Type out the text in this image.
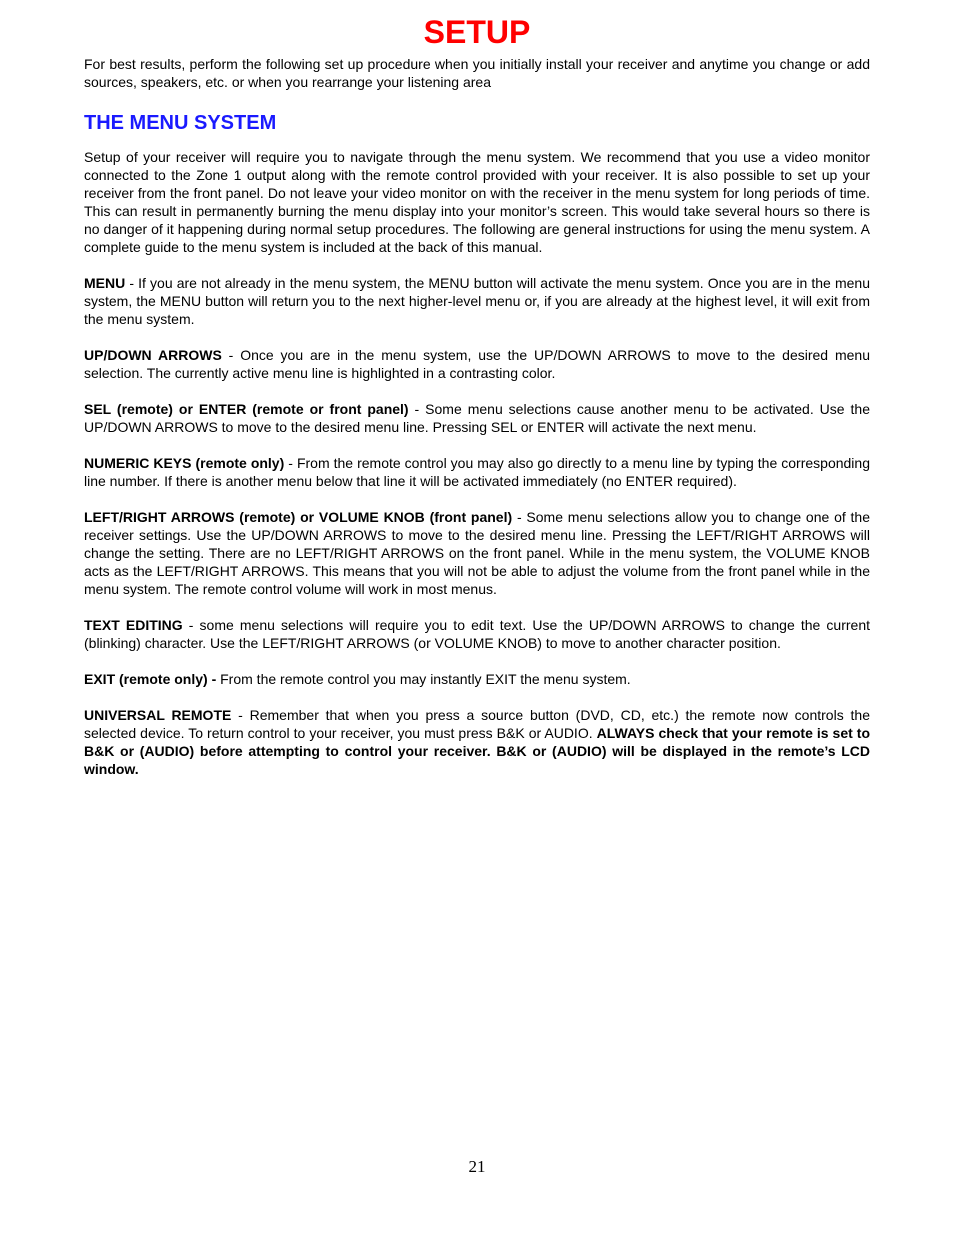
SETUP

For best results, perform the following set up procedure when you initially install your receiver and anytime you change or add sources, speakers, etc. or when you rearrange your listening area

THE MENU SYSTEM

Setup of your receiver will require you to navigate through the menu system. We recommend that you use a video monitor connected to the Zone 1 output along with the remote control provided with your receiver. It is also possible to set up your receiver from the front panel. Do not leave your video monitor on with the receiver in the menu system for long periods of time. This can result in permanently burning the menu display into your monitor’s screen. This would take several hours so there is no danger of it happening during normal setup procedures. The following are general instructions for using the menu system. A complete guide to the menu system is included at the back of this manual.

MENU - If you are not already in the menu system, the MENU button will activate the menu system. Once you are in the menu system, the MENU button will return you to the next higher-level menu or, if you are already at the highest level, it will exit from the menu system.

UP/DOWN ARROWS - Once you are in the menu system, use the UP/DOWN ARROWS to move to the desired menu selection. The currently active menu line is highlighted in a contrasting color.

SEL (remote) or ENTER (remote or front panel) - Some menu selections cause another menu to be activated. Use the UP/DOWN ARROWS to move to the desired menu line. Pressing SEL or ENTER will activate the next menu.

NUMERIC KEYS (remote only) - From the remote control you may also go directly to a menu line by typing the corresponding line number. If there is another menu below that line it will be activated immediately (no ENTER required).

LEFT/RIGHT ARROWS (remote) or VOLUME KNOB (front panel) - Some menu selections allow you to change one of the receiver settings. Use the UP/DOWN ARROWS to move to the desired menu line. Pressing the LEFT/RIGHT ARROWS will change the setting. There are no LEFT/RIGHT ARROWS on the front panel. While in the menu system, the VOLUME KNOB acts as the LEFT/RIGHT ARROWS. This means that you will not be able to adjust the volume from the front panel while in the menu system. The remote control volume will work in most menus.

TEXT EDITING - some menu selections will require you to edit text. Use the UP/DOWN ARROWS to change the current (blinking) character. Use the LEFT/RIGHT ARROWS (or VOLUME KNOB) to move to another character position.

EXIT (remote only) - From the remote control you may instantly EXIT the menu system.

UNIVERSAL REMOTE - Remember that when you press a source button (DVD, CD, etc.) the remote now controls the selected device. To return control to your receiver, you must press B&K or AUDIO. ALWAYS check that your remote is set to B&K or (AUDIO) before attempting to control your receiver. B&K or (AUDIO) will be displayed in the remote’s LCD window.

21
